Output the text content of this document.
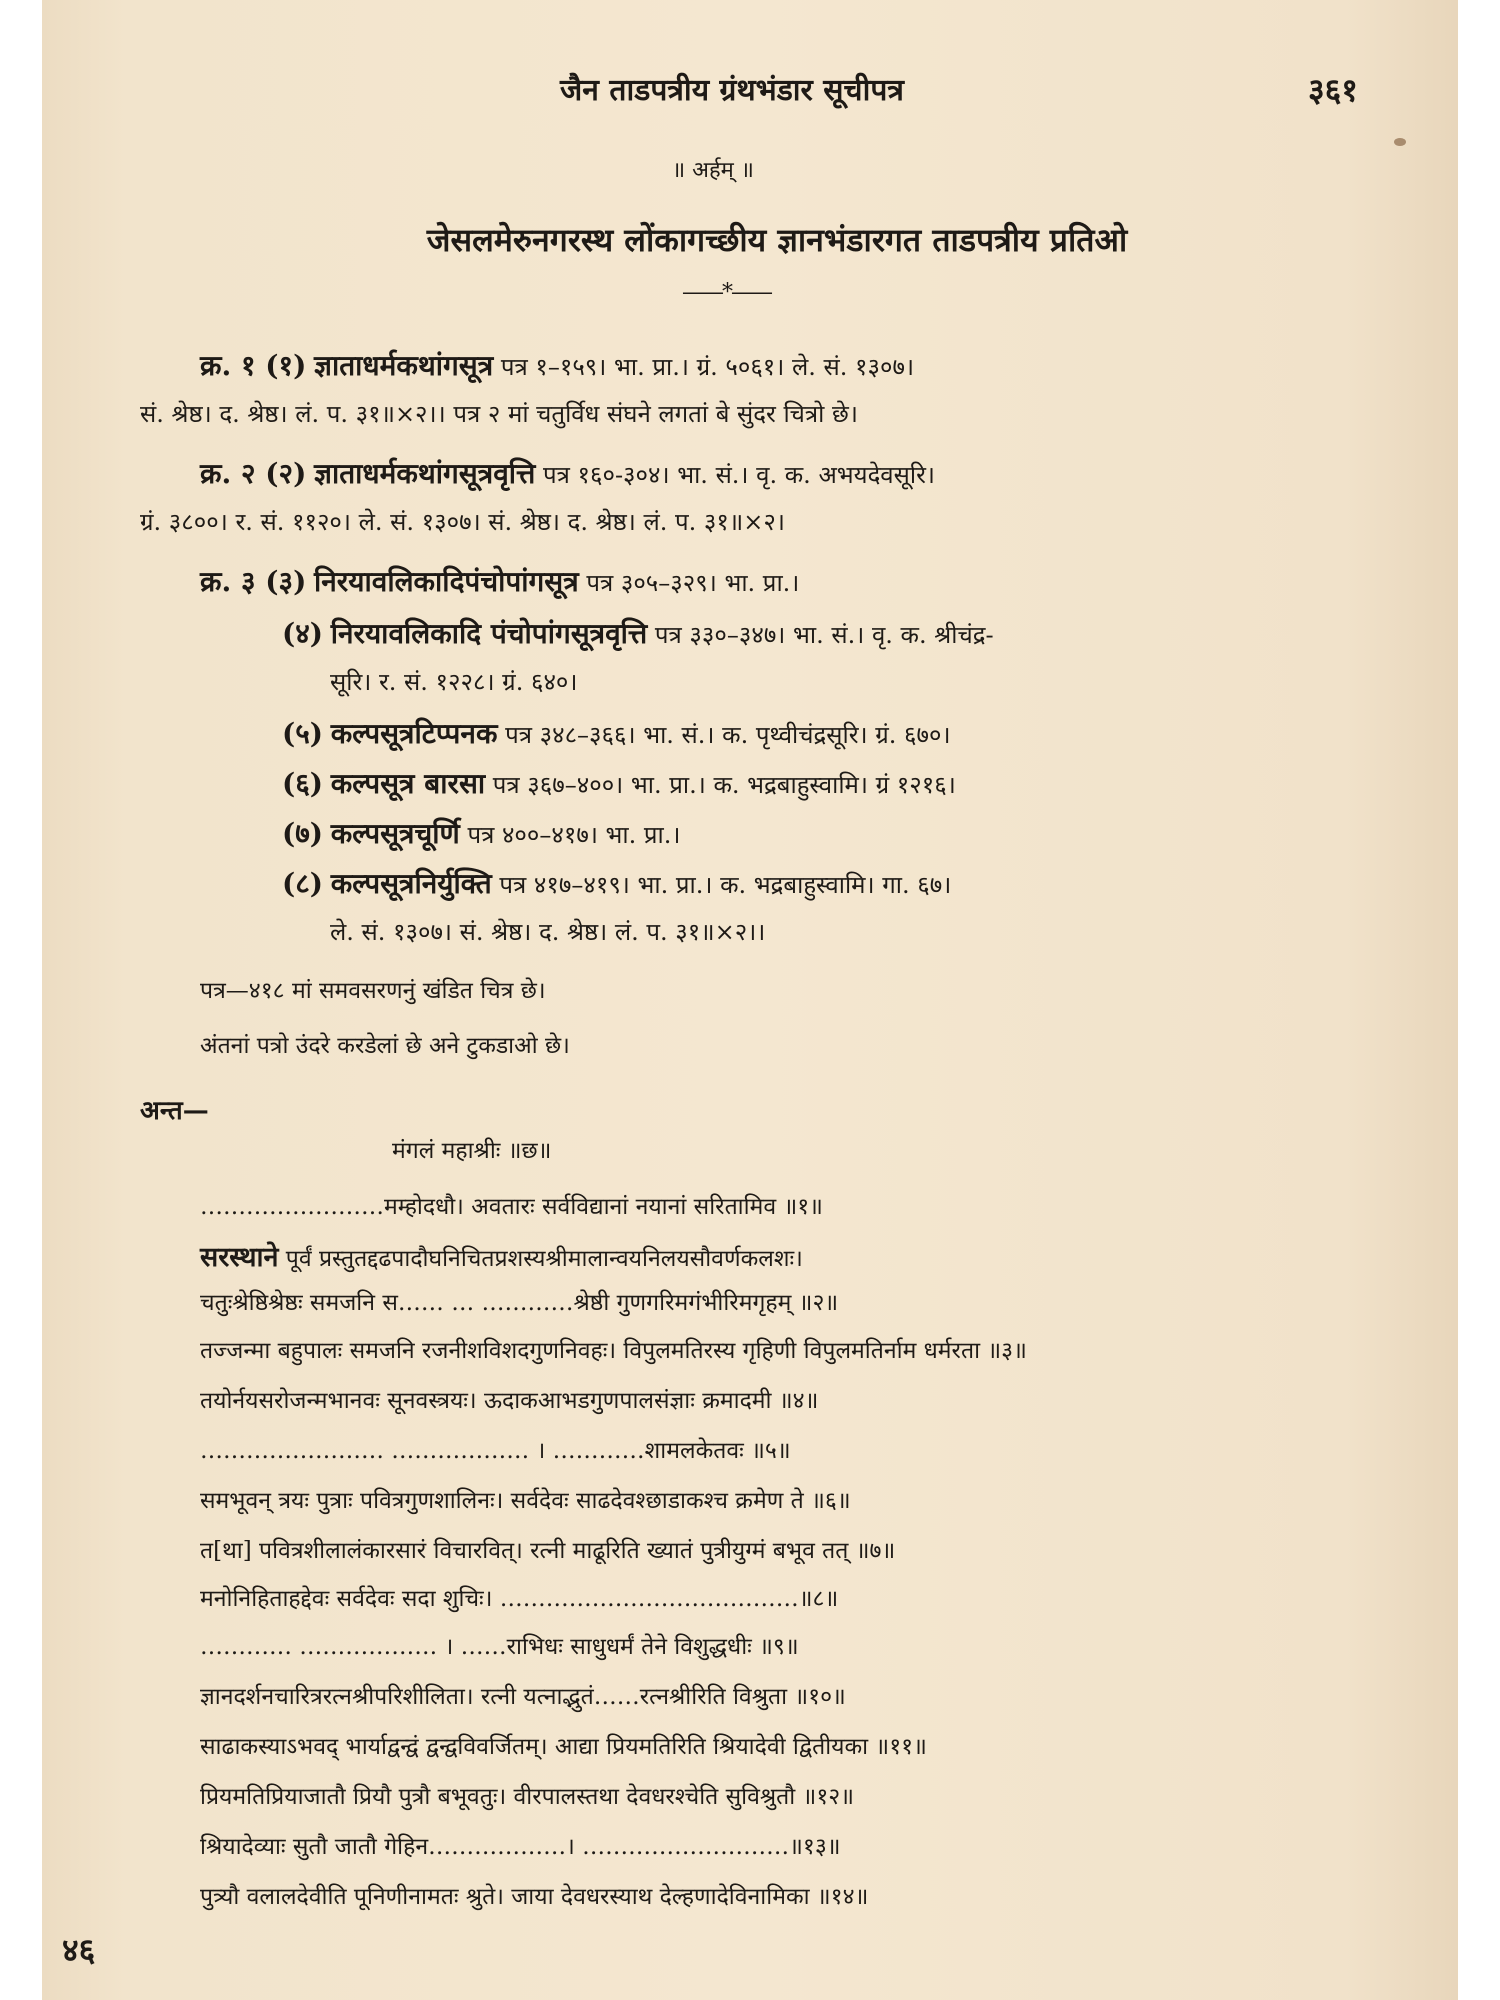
जैन ताडपत्रीय ग्रंथभंडार सूचीपत्र	३६१
॥ अर्हम् ॥
जेसलमेरुनगरस्थ लोंकागच्छीय ज्ञानभंडारगत ताडपत्रीय प्रतिओ
——*——
क्र. १ (१) ज्ञाताधर्मकथांगसूत्र पत्र १–१५९। भा. प्रा.। ग्रं. ५०६१। ले. सं. १३०७।
सं. श्रेष्ठ। द. श्रेष्ठ। लं. प. ३१॥×२।। पत्र २ मां चतुर्विध संघने लगतां बे सुंदर चित्रो छे।
क्र. २ (२) ज्ञाताधर्मकथांगसूत्रवृत्ति पत्र १६०-३०४। भा. सं.। वृ. क. अभयदेवसूरि।
ग्रं. ३८००। र. सं. ११२०। ले. सं. १३०७। सं. श्रेष्ठ। द. श्रेष्ठ। लं. प. ३१॥×२।
क्र. ३ (३) निरयावलिकादिपंचोपांगसूत्र पत्र ३०५–३२९। भा. प्रा.।
(४) निरयावलिकादि पंचोपांगसूत्रवृत्ति पत्र ३३०–३४७। भा. सं.। वृ. क. श्रीचंद्र-
सूरि। र. सं. १२२८। ग्रं. ६४०।
(५) कल्पसूत्रटिप्पनक पत्र ३४८–३६६। भा. सं.। क. पृथ्वीचंद्रसूरि। ग्रं. ६७०।
(६) कल्पसूत्र बारसा पत्र ३६७–४००। भा. प्रा.। क. भद्रबाहुस्वामि। ग्रं १२१६।
(७) कल्पसूत्रचूर्णि पत्र ४००–४१७। भा. प्रा.।
(८) कल्पसूत्रनिर्युक्ति पत्र ४१७–४१९। भा. प्रा.। क. भद्रबाहुस्वामि। गा. ६७।
ले. सं. १३०७। सं. श्रेष्ठ। द. श्रेष्ठ। लं. प. ३१॥×२।।
पत्र—४१८ मां समवसरणनुं खंडित चित्र छे।
अंतनां पत्रो उंदरे करडेलां छे अने टुकडाओ छे।
अन्त—
मंगलं महाश्रीः ॥छ॥
……………………मम्होदधौ। अवतारः सर्वविद्यानां नयानां सरितामिव ॥१॥
सरस्थाने पूर्वं प्रस्तुतद्दढपादौघनिचितप्रशस्यश्रीमालान्वयनिलयसौवर्णकलशः।
चतुःश्रेष्ठिश्रेष्ठः समजनि स…… … …………श्रेष्ठी गुणगरिमगंभीरिमगृहम् ॥२॥
तज्जन्मा बहुपालः समजनि रजनीशविशदगुणनिवहः। विपुलमतिरस्य गृहिणी विपुलमतिर्नाम धर्मरता ॥३॥
तयोर्नयसरोजन्मभानवः सूनवस्त्रयः। ऊदाकआभडगुणपालसंज्ञाः क्रमादमी ॥४॥
…………………… ……………… । …………शामलकेतवः ॥५॥
समभूवन् त्रयः पुत्राः पवित्रगुणशालिनः। सर्वदेवः साढदेवश्छाडाकश्च क्रमेण ते ॥६॥
त[था] पवित्रशीलालंकारसारं विचारवित्। रत्नी माढूरिति ख्यातं पुत्रीयुग्मं बभूव तत् ॥७॥
मनोनिहिताहद्देवः सर्वदेवः सदा शुचिः। …………………………………॥८॥
………… ……………… । ……राभिधः साधुधर्मं तेने विशुद्धधीः ॥९॥
ज्ञानदर्शनचारित्ररत्नश्रीपरिशीलिता। रत्नी यत्नाद्भुतं……रत्नश्रीरिति विश्रुता ॥१०॥
साढाकस्याऽभवद् भार्याद्वन्द्वं द्वन्द्वविवर्जितम्। आद्या प्रियमतिरिति श्रियादेवी द्वितीयका ॥११॥
प्रियमतिप्रियाजातौ प्रियौ पुत्रौ बभूवतुः। वीरपालस्तथा देवधरश्चेति सुविश्रुतौ ॥१२॥
श्रियादेव्याः सुतौ जातौ गेहिन………………। ………………………॥१३॥
पुत्र्यौ वलालदेवीति पूनिणीनामतः श्रुते। जाया देवधरस्याथ देल्हणादेविनामिका ॥१४॥
४६
